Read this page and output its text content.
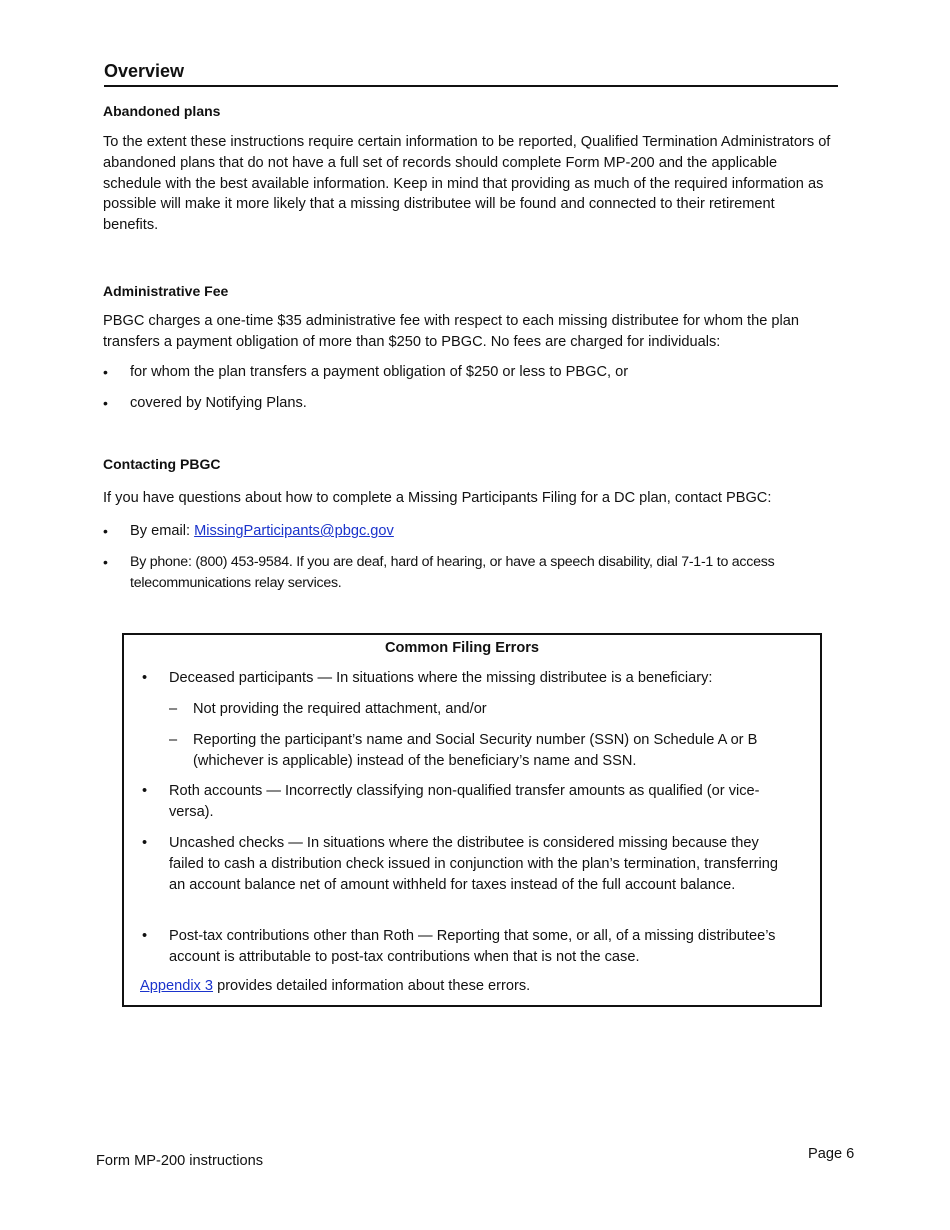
Overview
Abandoned plans

To the extent these instructions require certain information to be reported, Qualified Termination Administrators of abandoned plans that do not have a full set of records should complete Form MP-200 and the applicable schedule with the best available information. Keep in mind that providing as much of the required information as possible will make it more likely that a missing distributee will be found and connected to their retirement benefits.

Administrative Fee

PBGC charges a one-time $35 administrative fee with respect to each missing distributee for whom the plan transfers a payment obligation of more than $250 to PBGC. No fees are charged for individuals:

• for whom the plan transfers a payment obligation of $250 or less to PBGC, or
• covered by Notifying Plans.
Contacting PBGC

If you have questions about how to complete a Missing Participants Filing for a DC plan, contact PBGC:

• By email: MissingParticipants@pbgc.gov
• By phone: (800) 453-9584. If you are deaf, hard of hearing, or have a speech disability, dial 7-1-1 to access telecommunications relay services.
Common Filing Errors
• Deceased participants — In situations where the missing distributee is a beneficiary:
– Not providing the required attachment, and/or
– Reporting the participant’s name and Social Security number (SSN) on Schedule A or B (whichever is applicable) instead of the beneficiary’s name and SSN.
• Roth accounts — Incorrectly classifying non-qualified transfer amounts as qualified (or vice-versa).
• Uncashed checks — In situations where the distributee is considered missing because they failed to cash a distribution check issued in conjunction with the plan’s termination, transferring an account balance net of amount withheld for taxes instead of the full account balance.
• Post-tax contributions other than Roth — Reporting that some, or all, of a missing distributee’s account is attributable to post-tax contributions when that is not the case.
Appendix 3 provides detailed information about these errors.
Form MP-200 instructions	Page 6
